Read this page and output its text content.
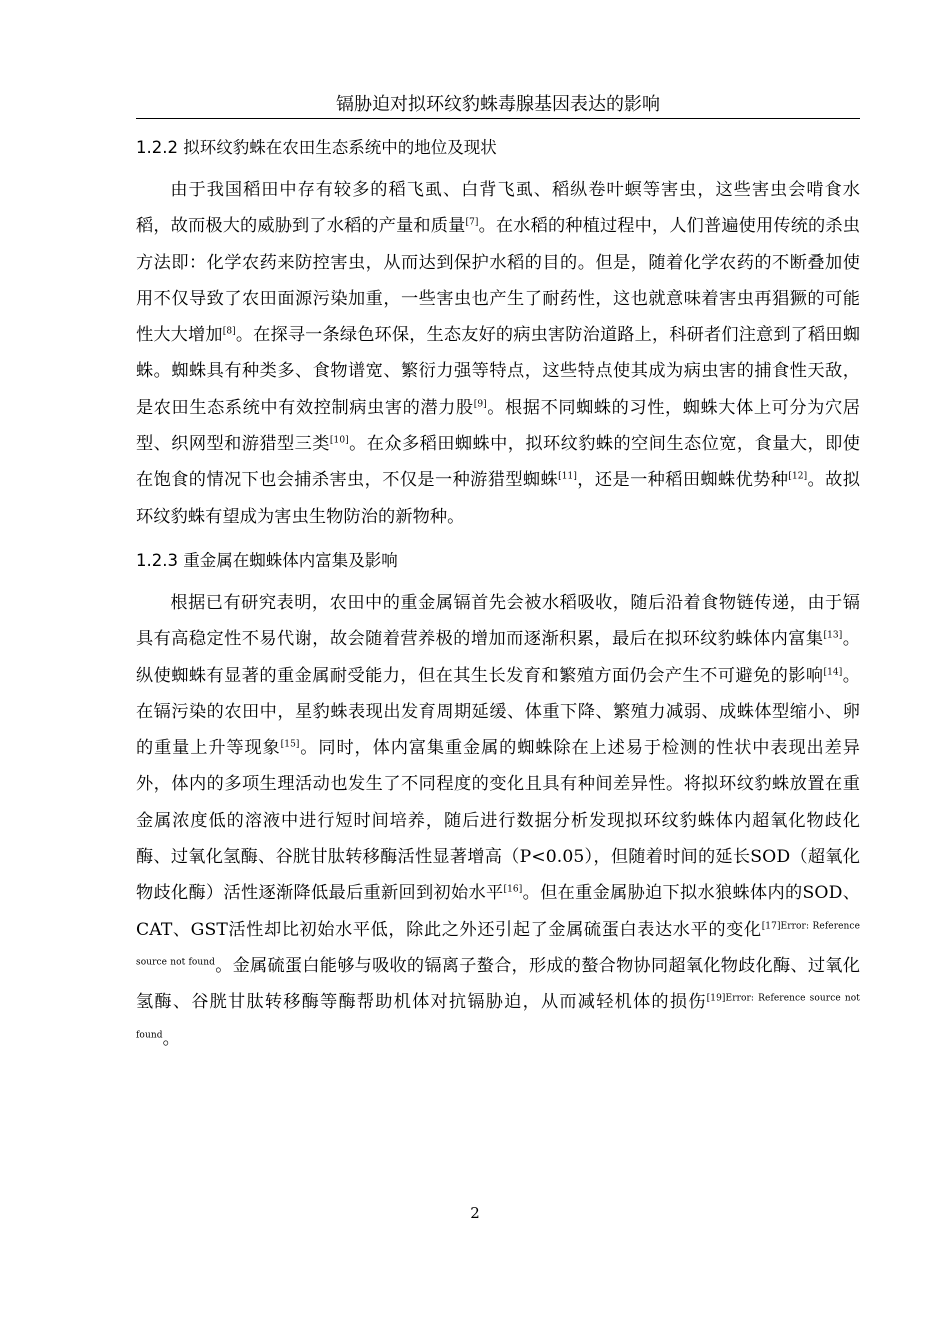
镉胁迫对拟环纹豹蛛毒腺基因表达的影响
1.2.2 拟环纹豹蛛在农田生态系统中的地位及现状

由于我国稻田中存有较多的稻飞虱、白背飞虱、稻纵卷叶螟等害虫，这些害虫会啃食水稻，故而极大的威胁到了水稻的产量和质量[7]。在水稻的种植过程中，人们普遍使用传统的杀虫方法即：化学农药来防控害虫，从而达到保护水稻的目的。但是，随着化学农药的不断叠加使用不仅导致了农田面源污染加重，一些害虫也产生了耐药性，这也就意味着害虫再猖獗的可能性大大增加[8]。在探寻一条绿色环保，生态友好的病虫害防治道路上，科研者们注意到了稻田蜘蛛。蜘蛛具有种类多、食物谱宽、繁衍力强等特点，这些特点使其成为病虫害的捕食性天敌，是农田生态系统中有效控制病虫害的潜力股[9]。根据不同蜘蛛的习性，蜘蛛大体上可分为穴居型、织网型和游猎型三类[10]。在众多稻田蜘蛛中，拟环纹豹蛛的空间生态位宽，食量大，即使在饱食的情况下也会捕杀害虫，不仅是一种游猎型蜘蛛[11]，还是一种稻田蜘蛛优势种[12]。故拟环纹豹蛛有望成为害虫生物防治的新物种。

1.2.3 重金属在蜘蛛体内富集及影响

根据已有研究表明，农田中的重金属镉首先会被水稻吸收，随后沿着食物链传递，由于镉具有高稳定性不易代谢，故会随着营养极的增加而逐渐积累，最后在拟环纹豹蛛体内富集[13]。纵使蜘蛛有显著的重金属耐受能力，但在其生长发育和繁殖方面仍会产生不可避免的影响[14]。在镉污染的农田中，星豹蛛表现出发育周期延缓、体重下降、繁殖力减弱、成蛛体型缩小、卵的重量上升等现象[15]。同时，体内富集重金属的蜘蛛除在上述易于检测的性状中表现出差异外，体内的多项生理活动也发生了不同程度的变化且具有种间差异性。将拟环纹豹蛛放置在重金属浓度低的溶液中进行短时间培养，随后进行数据分析发现拟环纹豹蛛体内超氧化物歧化酶、过氧化氢酶、谷胱甘肽转移酶活性显著增高（P<0.05），但随着时间的延长SOD（超氧化物歧化酶）活性逐渐降低最后重新回到初始水平[16]。但在重金属胁迫下拟水狼蛛体内的SOD、CAT、GST活性却比初始水平低，除此之外还引起了金属硫蛋白表达水平的变化$^{[17]Error: Reference source not found}$。金属硫蛋白能够与吸收的镉离子螯合，形成的螯合物协同超氧化物歧化酶、过氧化氢酶、谷胱甘肽转移酶等酶帮助机体对抗镉胁迫，从而减轻机体的损伤$^{[19]Error: Reference source not found}$。

2
